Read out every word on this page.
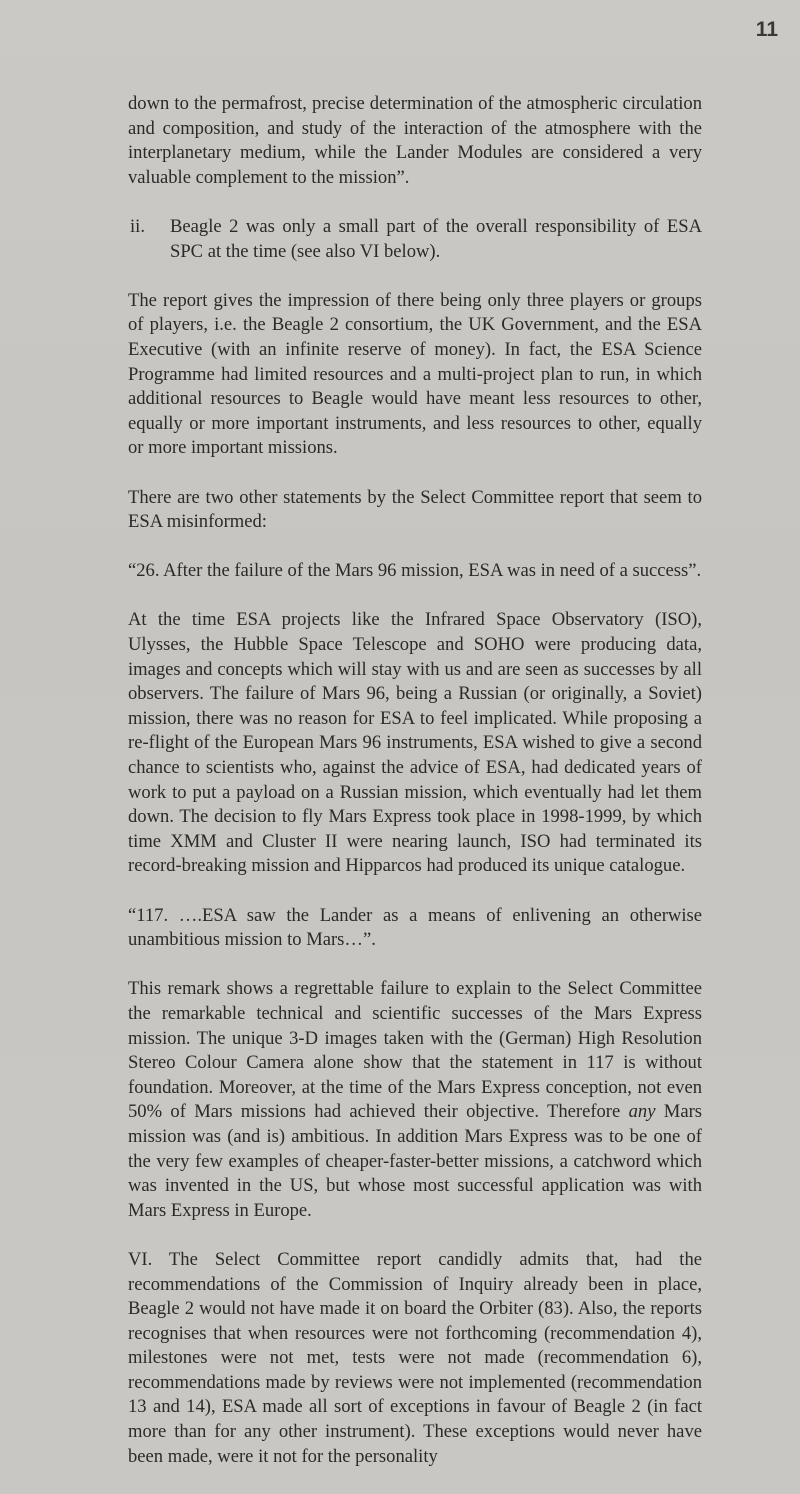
11

down to the permafrost, precise determination of the atmospheric circulation and composition, and study of the interaction of the atmosphere with the interplanetary medium, while the Lander Modules are considered a very valuable complement to the mission”.

ii.	Beagle 2 was only a small part of the overall responsibility of ESA SPC at the time (see also VI below).

The report gives the impression of there being only three players or groups of players, i.e. the Beagle 2 consortium, the UK Government, and the ESA Executive (with an infinite reserve of money). In fact, the ESA Science Programme had limited resources and a multi-project plan to run, in which additional resources to Beagle would have meant less resources to other, equally or more important instruments, and less resources to other, equally or more important missions.

There are two other statements by the Select Committee report that seem to ESA misinformed:

“26. After the failure of the Mars 96 mission, ESA was in need of a success”.

At the time ESA projects like the Infrared Space Observatory (ISO), Ulysses, the Hubble Space Telescope and SOHO were producing data, images and concepts which will stay with us and are seen as successes by all observers. The failure of Mars 96, being a Russian (or originally, a Soviet) mission, there was no reason for ESA to feel implicated. While proposing a re-flight of the European Mars 96 instruments, ESA wished to give a second chance to scientists who, against the advice of ESA, had dedicated years of work to put a payload on a Russian mission, which eventually had let them down. The decision to fly Mars Express took place in 1998-1999, by which time XMM and Cluster II were nearing launch, ISO had terminated its record-breaking mission and Hipparcos had produced its unique catalogue.

“117. ….ESA saw the Lander as a means of enlivening an otherwise unambitious mission to Mars…”.

This remark shows a regrettable failure to explain to the Select Committee the remarkable technical and scientific successes of the Mars Express mission. The unique 3-D images taken with the (German) High Resolution Stereo Colour Camera alone show that the statement in 117 is without foundation. Moreover, at the time of the Mars Express conception, not even 50% of Mars missions had achieved their objective. Therefore any Mars mission was (and is) ambitious. In addition Mars Express was to be one of the very few examples of cheaper-faster-better missions, a catchword which was invented in the US, but whose most successful application was with Mars Express in Europe.

VI. The Select Committee report candidly admits that, had the recommendations of the Commission of Inquiry already been in place, Beagle 2 would not have made it on board the Orbiter (83). Also, the reports recognises that when resources were not forthcoming (recommendation 4), milestones were not met, tests were not made (recommendation 6), recommendations made by reviews were not implemented (recommendation 13 and 14), ESA made all sort of exceptions in favour of Beagle 2 (in fact more than for any other instrument). These exceptions would never have been made, were it not for the personality
